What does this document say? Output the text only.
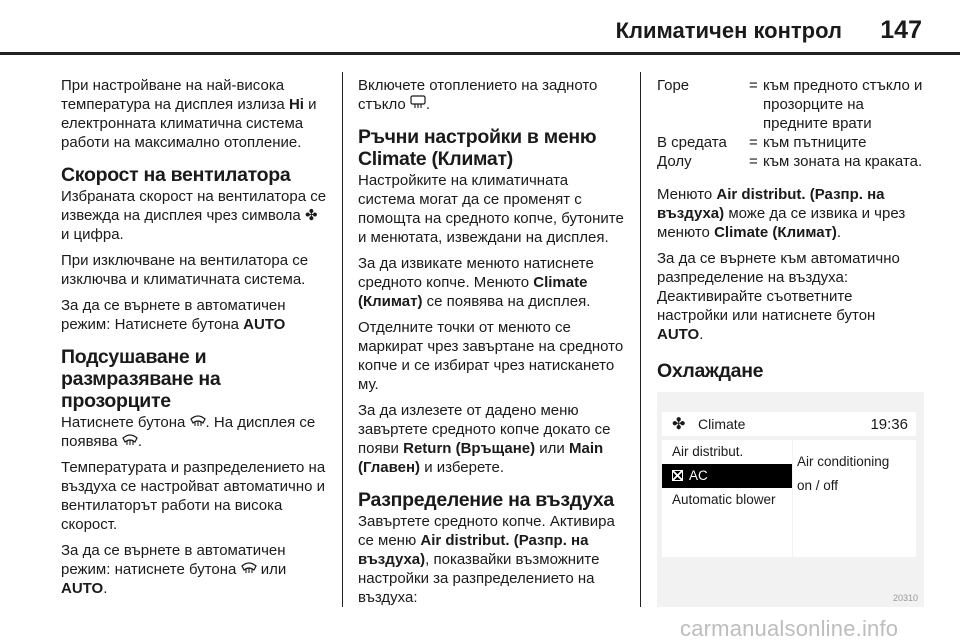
Климатичен контрол 147

При настройване на най-висока температура на дисплея излиза Hi и електронната климатична система работи на максимално отопление.

Скорост на вентилатора

Избраната скорост на вентилатора се извежда на дисплея чрез символа ✤ и цифра.

При изключване на вентилатора се изключва и климатичната система.

За да се върнете в автоматичен режим: Натиснете бутона AUTO

Подсушаване и размразяване на прозорците

Натиснете бутона . На дисплея се появява .

Температурата и разпределението на въздуха се настройват автоматично и вентилаторът работи на висока скорост.

За да се върнете в автоматичен режим: натиснете бутона  или AUTO.

Включете отоплението на задното стъкло .

Ръчни настройки в меню Climate (Климат)

Настройките на климатичната система могат да се променят с помощта на средното копче, бутоните и менютата, извеждани на дисплея.

За да извикате менюто натиснете средното копче. Менюто Climate (Климат) се появява на дисплея.

Отделните точки от менюто се маркират чрез завъртане на средното копче и се избират чрез натискането му.

За да излезете от дадено меню завъртете средното копче докато се появи Return (Връщане) или Main (Главен) и изберете.

Разпределение на въздуха

Завъртете средното копче. Активира се меню Air distribut. (Разпр. на въздуха), показвайки възможните настройки за разпределението на въздуха:

Горе	= към предното стъкло и прозорците на предните врати
В средата	= към пътниците
Долу	= към зоната на краката.

Менюто Air distribut. (Разпр. на въздуха) може да се извика и чрез менюто Climate (Климат).

За да се върнете към автоматично разпределение на въздуха: Деактивирайте съответните настройки или натиснете бутон AUTO.

Охлаждане
✤ Climate	19:36
Air distribut.
AC
Automatic blower
Air conditioning
on / off
20310
carmanualsonline.info
